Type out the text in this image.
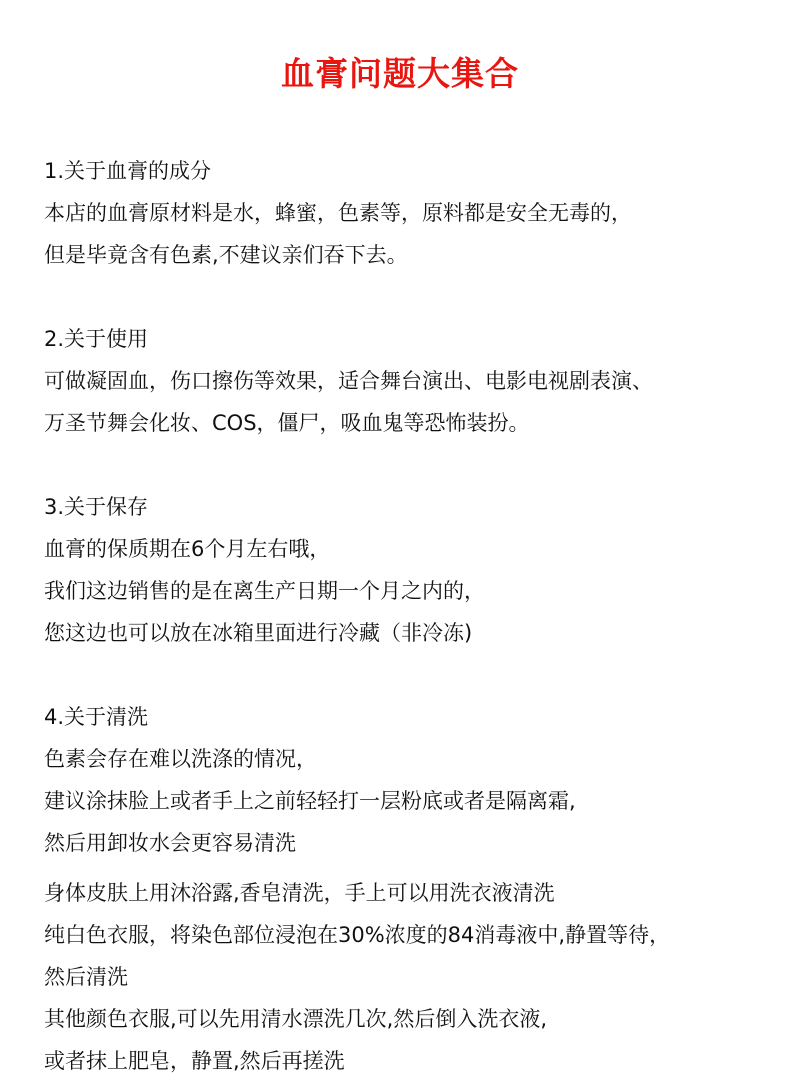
血膏问题大集合

1.关于血膏的成分

本店的血膏原材料是水，蜂蜜，色素等，原料都是安全无毒的，

但是毕竟含有色素,不建议亲们吞下去。

2.关于使用

可做凝固血，伤口擦伤等效果，适合舞台演出、电影电视剧表演、

万圣节舞会化妆、COS，僵尸，吸血鬼等恐怖装扮。

3.关于保存

血膏的保质期在6个月左右哦，

我们这边销售的是在离生产日期一个月之内的，

您这边也可以放在冰箱里面进行冷藏（非冷冻)

4.关于清洗

色素会存在难以洗涤的情况，

建议涂抹脸上或者手上之前轻轻打一层粉底或者是隔离霜,

然后用卸妆水会更容易清洗

身体皮肤上用沐浴露,香皂清洗，手上可以用洗衣液清洗

纯白色衣服，将染色部位浸泡在30%浓度的84消毒液中,静置等待，

然后清洗

其他颜色衣服,可以先用清水漂洗几次,然后倒入洗衣液,

或者抹上肥皂，静置,然后再搓洗
